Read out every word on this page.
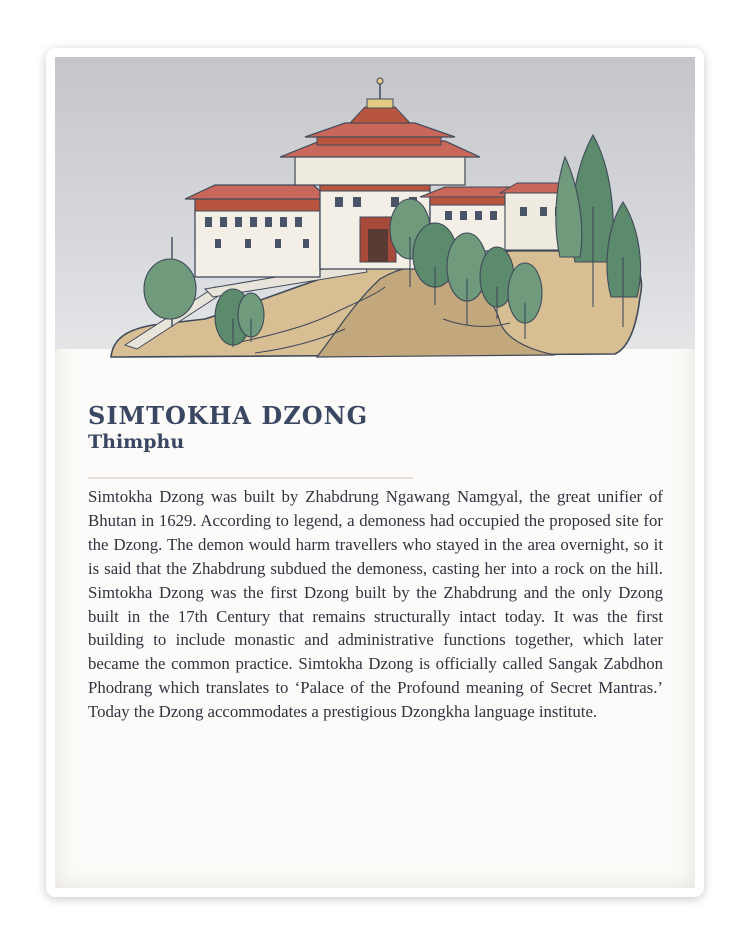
SIMTOKHA DZONG
Thimphu

Simtokha Dzong was built by Zhabdrung Ngawang Namgyal, the great unifier of Bhutan in 1629. According to legend, a demoness had occupied the proposed site for the Dzong. The demon would harm travellers who stayed in the area overnight, so it is said that the Zhabdrung subdued the demoness, casting her into a rock on the hill. Simtokha Dzong was the first Dzong built by the Zhabdrung and the only Dzong built in the 17th Century that remains structurally intact today. It was the first building to include monastic and administrative functions together, which later became the common practice. Simtokha Dzong is officially called Sangak Zabdhon Phodrang which translates to ‘Palace of the Profound meaning of Secret Mantras.’ Today the Dzong accommodates a prestigious Dzongkha language institute.
